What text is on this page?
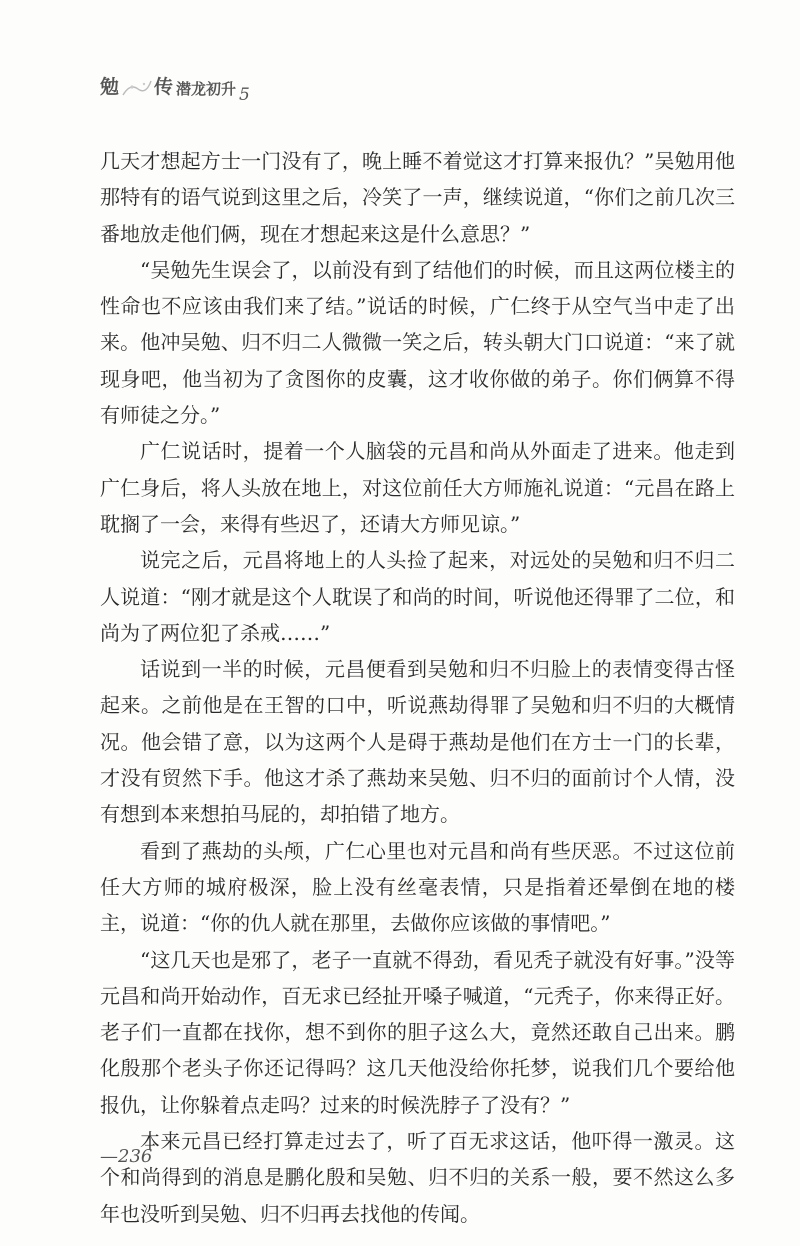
勉 传 潜龙初升 5

几天才想起方士一门没有了，晚上睡不着觉这才打算来报仇？”吴勉用他那特有的语气说到这里之后，冷笑了一声，继续说道，“你们之前几次三番地放走他们俩，现在才想起来这是什么意思？”

“吴勉先生误会了，以前没有到了结他们的时候，而且这两位楼主的性命也不应该由我们来了结。”说话的时候，广仁终于从空气当中走了出来。他冲吴勉、归不归二人微微一笑之后，转头朝大门口说道：“来了就现身吧，他当初为了贪图你的皮囊，这才收你做的弟子。你们俩算不得有师徒之分。”

广仁说话时，提着一个人脑袋的元昌和尚从外面走了进来。他走到广仁身后，将人头放在地上，对这位前任大方师施礼说道：“元昌在路上耽搁了一会，来得有些迟了，还请大方师见谅。”

说完之后，元昌将地上的人头捡了起来，对远处的吴勉和归不归二人说道：“刚才就是这个人耽误了和尚的时间，听说他还得罪了二位，和尚为了两位犯了杀戒……”

话说到一半的时候，元昌便看到吴勉和归不归脸上的表情变得古怪起来。之前他是在王智的口中，听说燕劫得罪了吴勉和归不归的大概情况。他会错了意，以为这两个人是碍于燕劫是他们在方士一门的长辈，才没有贸然下手。他这才杀了燕劫来吴勉、归不归的面前讨个人情，没有想到本来想拍马屁的，却拍错了地方。

看到了燕劫的头颅，广仁心里也对元昌和尚有些厌恶。不过这位前任大方师的城府极深，脸上没有丝毫表情，只是指着还晕倒在地的楼主，说道：“你的仇人就在那里，去做你应该做的事情吧。”

“这几天也是邪了，老子一直就不得劲，看见秃子就没有好事。”没等元昌和尚开始动作，百无求已经扯开嗓子喊道，“元秃子，你来得正好。老子们一直都在找你，想不到你的胆子这么大，竟然还敢自己出来。鹏化殷那个老头子你还记得吗？这几天他没给你托梦，说我们几个要给他报仇，让你躲着点走吗？过来的时候洗脖子了没有？”

本来元昌已经打算走过去了，听了百无求这话，他吓得一激灵。这个和尚得到的消息是鹏化殷和吴勉、归不归的关系一般，要不然这么多年也没听到吴勉、归不归再去找他的传闻。

—236
